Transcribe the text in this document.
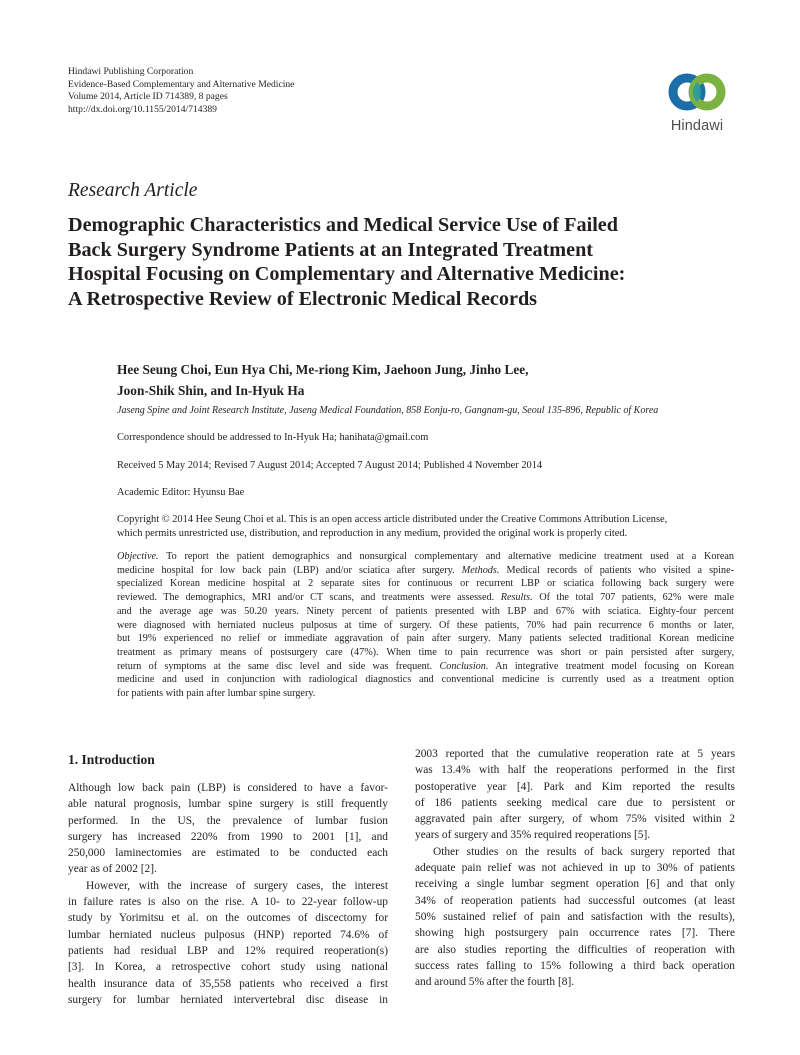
Hindawi Publishing Corporation
Evidence-Based Complementary and Alternative Medicine
Volume 2014, Article ID 714389, 8 pages
http://dx.doi.org/10.1155/2014/714389
Hindawi
Research Article
Demographic Characteristics and Medical Service Use of Failed
Back Surgery Syndrome Patients at an Integrated Treatment
Hospital Focusing on Complementary and Alternative Medicine:
A Retrospective Review of Electronic Medical Records
Hee Seung Choi, Eun Hya Chi, Me-riong Kim, Jaehoon Jung, Jinho Lee,
Joon-Shik Shin, and In-Hyuk Ha
Jaseng Spine and Joint Research Institute, Jaseng Medical Foundation, 858 Eonju-ro, Gangnam-gu, Seoul 135-896, Republic of Korea
Correspondence should be addressed to In-Hyuk Ha; hanihata@gmail.com
Received 5 May 2014; Revised 7 August 2014; Accepted 7 August 2014; Published 4 November 2014
Academic Editor: Hyunsu Bae
Copyright © 2014 Hee Seung Choi et al. This is an open access article distributed under the Creative Commons Attribution License,
which permits unrestricted use, distribution, and reproduction in any medium, provided the original work is properly cited.
Objective. To report the patient demographics and nonsurgical complementary and alternative medicine treatment used at a Korean
medicine hospital for low back pain (LBP) and/or sciatica after surgery. Methods. Medical records of patients who visited a spine-
specialized Korean medicine hospital at 2 separate sites for continuous or recurrent LBP or sciatica following back surgery were
reviewed. The demographics, MRI and/or CT scans, and treatments were assessed. Results. Of the total 707 patients, 62% were male
and the average age was 50.20 years. Ninety percent of patients presented with LBP and 67% with sciatica. Eighty-four percent
were diagnosed with herniated nucleus pulposus at time of surgery. Of these patients, 70% had pain recurrence 6 months or later,
but 19% experienced no relief or immediate aggravation of pain after surgery. Many patients selected traditional Korean medicine
treatment as primary means of postsurgery care (47%). When time to pain recurrence was short or pain persisted after surgery,
return of symptoms at the same disc level and side was frequent. Conclusion. An integrative treatment model focusing on Korean
medicine and used in conjunction with radiological diagnostics and conventional medicine is currently used as a treatment option
for patients with pain after lumbar spine surgery.
1. Introduction
Although low back pain (LBP) is considered to have a favor-
able natural prognosis, lumbar spine surgery is still frequently
performed. In the US, the prevalence of lumbar fusion
surgery has increased 220% from 1990 to 2001 [1], and
250,000 laminectomies are estimated to be conducted each
year as of 2002 [2].
However, with the increase of surgery cases, the interest
in failure rates is also on the rise. A 10- to 22-year follow-up
study by Yorimitsu et al. on the outcomes of discectomy for
lumbar herniated nucleus pulposus (HNP) reported 74.6% of
patients had residual LBP and 12% required reoperation(s)
[3]. In Korea, a retrospective cohort study using national
health insurance data of 35,558 patients who received a first
surgery for lumbar herniated intervertebral disc disease in
2003 reported that the cumulative reoperation rate at 5 years
was 13.4% with half the reoperations performed in the first
postoperative year [4]. Park and Kim reported the results
of 186 patients seeking medical care due to persistent or
aggravated pain after surgery, of whom 75% visited within 2
years of surgery and 35% required reoperations [5].
Other studies on the results of back surgery reported that
adequate pain relief was not achieved in up to 30% of patients
receiving a single lumbar segment operation [6] and that only
34% of reoperation patients had successful outcomes (at least
50% sustained relief of pain and satisfaction with the results),
showing high postsurgery pain occurrence rates [7]. There
are also studies reporting the difficulties of reoperation with
success rates falling to 15% following a third back operation
and around 5% after the fourth [8].
